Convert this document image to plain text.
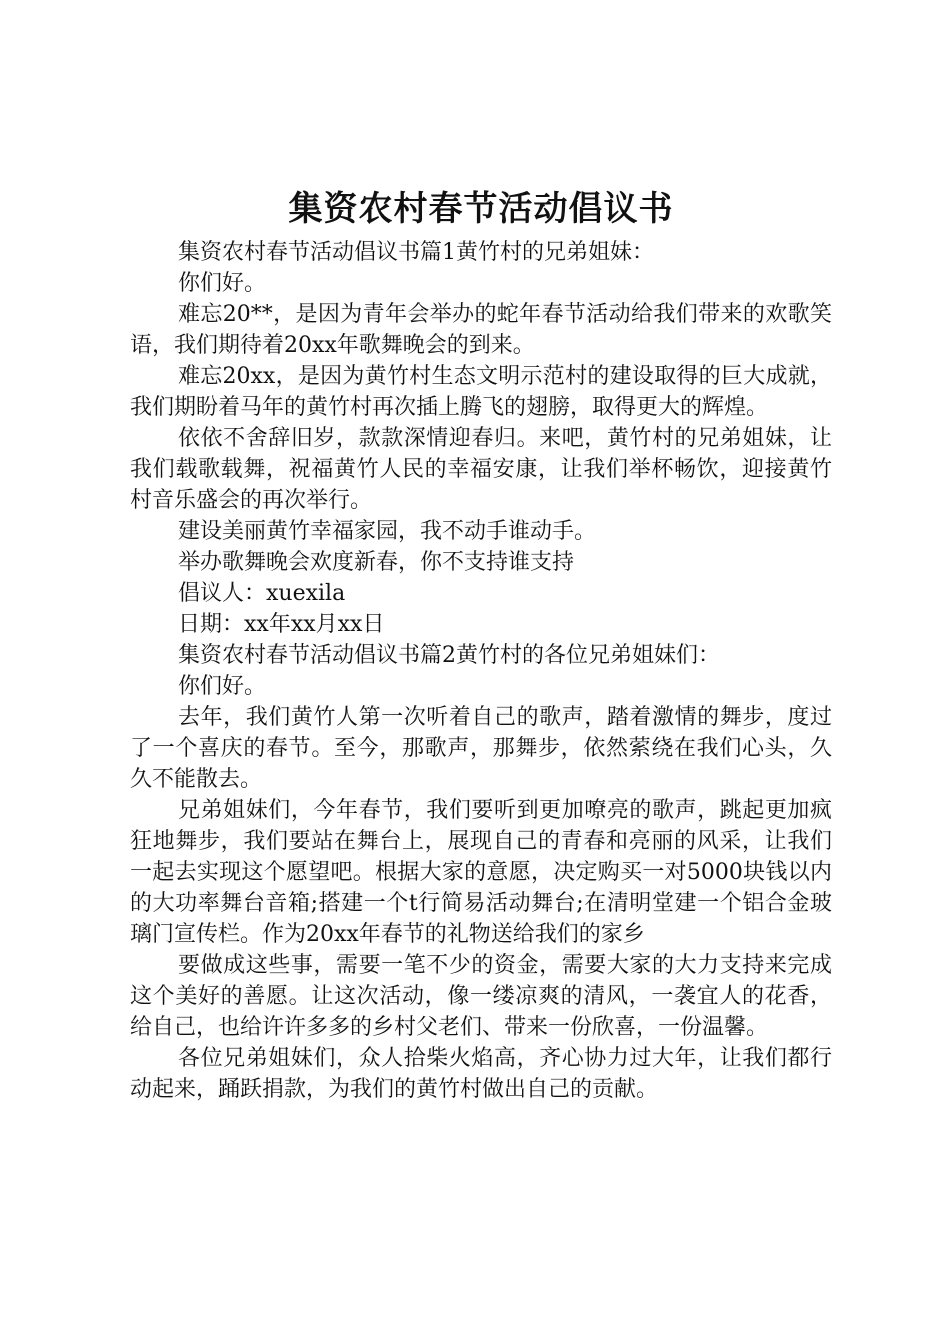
集资农村春节活动倡议书

集资农村春节活动倡议书篇1黄竹村的兄弟姐妹：

你们好。

难忘20**，是因为青年会举办的蛇年春节活动给我们带来的欢歌笑语，我们期待着20xx年歌舞晚会的到来。

难忘20xx，是因为黄竹村生态文明示范村的建设取得的巨大成就，我们期盼着马年的黄竹村再次插上腾飞的翅膀，取得更大的辉煌。

依依不舍辞旧岁，款款深情迎春归。来吧，黄竹村的兄弟姐妹，让我们载歌载舞，祝福黄竹人民的幸福安康，让我们举杯畅饮，迎接黄竹村音乐盛会的再次举行。

建设美丽黄竹幸福家园，我不动手谁动手。

举办歌舞晚会欢度新春，你不支持谁支持

倡议人：xuexila

日期：xx年xx月xx日

集资农村春节活动倡议书篇2黄竹村的各位兄弟姐妹们：

你们好。

去年，我们黄竹人第一次听着自己的歌声，踏着激情的舞步，度过了一个喜庆的春节。至今，那歌声，那舞步，依然萦绕在我们心头，久久不能散去。

兄弟姐妹们，今年春节，我们要听到更加嘹亮的歌声，跳起更加疯狂地舞步，我们要站在舞台上，展现自己的青春和亮丽的风采，让我们一起去实现这个愿望吧。根据大家的意愿，决定购买一对5000块钱以内的大功率舞台音箱;搭建一个t行简易活动舞台;在清明堂建一个铝合金玻璃门宣传栏。作为20xx年春节的礼物送给我们的家乡

要做成这些事，需要一笔不少的资金，需要大家的大力支持来完成这个美好的善愿。让这次活动，像一缕凉爽的清风，一袭宜人的花香，给自己，也给许许多多的乡村父老们、带来一份欣喜，一份温馨。

各位兄弟姐妹们，众人拾柴火焰高，齐心协力过大年，让我们都行动起来，踊跃捐款，为我们的黄竹村做出自己的贡献。
